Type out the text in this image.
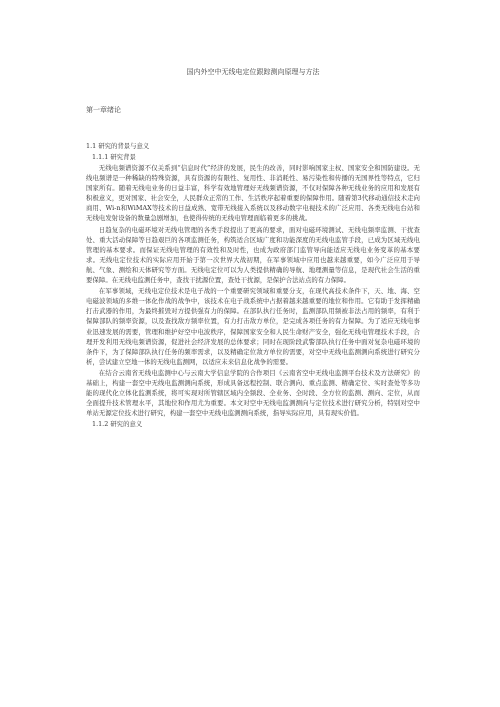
国内外空中无线电定位跟踪测向原理与方法
第一章绪论
1.1 研究的背景与意义
1.1.1 研究背景

无线电频谱资源不仅关系到“信息时代”经济的发展，民生的改善，同时影响国家主权、国家安全和国防建设。无线电频谱是一种稀缺的特殊资源，具有资源的有限性、复用性、非消耗性、易污染性和传播的无国界性等特点，它归国家所有。随着无线电业务的日益丰富，科学有效地管理好无线频谱资源，不仅对保障各种无线业务的应用和发展有积极意义，更对国家、社会安全，人民群众正常的工作、生活秩序起着重要的保障作用。随着第3代移动通信技术走向商用、Wi-n和WiMAX等技术的日益成熟、宽带无线接入系统以及移动数字电视技术的广泛应用、各类无线电台站和无线电发射设备的数量急剧增加，也使得传统的无线电管理面临着更多的挑战。

日趋复杂的电磁环境对无线电管理的各类手段提出了更高的要求，面对电磁环境测试、无线电频率监测、干扰查处、重大活动保障等日趋艰巨的各项监测任务，构筑适合区域广度和功能深度的无线电监管手段，已成为区域无线电管理的基本要求。而保证无线电管理的有效性和及时性，也成为政府部门监管导向能适应无线电业务变革的基本要求。无线电定位技术的实际应用开始于第一次世界大战初期，在军事领域中应用也越来越重要，如今广泛应用于导航、气象、测绘和天体研究等方面。无线电定位可以为人类提供精确的导航、地理测量等信息，是现代社会生活的重要保障。在无线电监测任务中，查找干扰源位置，查处干扰源，是保护合法站点的有力保障。

在军事领域，无线电定位技术是电子战的一个重要研究领域和重要分支，在现代高技术条件下，天、地、海、空电磁波领域的多维一体化作战的战争中，该技术在电子战系统中占据着越来越重要的地位和作用。它有助于发挥精确打击武器的作用，为最终摧毁对方提供强有力的保障。在部队执行任务时，监测部队用频被非法占用的频率，有利于保障部队的频率资源，以及查找敌方频率位置，有力打击敌方单位，是完成各项任务的有力保障。为了适应无线电事业迅速发展的需要，管理和维护好空中电波秩序，保障国家安全和人民生命财产安全，强化无线电管理技术手段，合理开发利用无线电频谱资源，促进社会经济发展的总体要求；同时在现阶段武警部队执行任务中面对复杂电磁环境的条件下，为了保障部队执行任务的频率需求，以及精确定位敌方单位的需要，对空中无线电监测测向系统进行研究分析，尝试建立空地一体的无线电监测网，以适应未来信息化战争的需要。

在结合云南省无线电监测中心与云南大学信息学院的合作项目《云南省空中无线电监测平台技术及方法研究》的基础上，构建一套空中无线电监测测向系统，形成具备远程控制、联合测向、重点监测、精确定位、实时查处等多功能的现代化立体化监测系统，将可实现对所管辖区域内全频段、全业务、全时段、全方位的监测、测向、定位，从而全面提升技术管理水平，其地位和作用尤为重要。本文对空中无线电监测测向与定位技术进行研究分析，特别对空中单站无源定位技术进行研究，构建一套空中无线电监测测向系统，指导实际应用，具有现实价值。

1.1.2 研究的意义
